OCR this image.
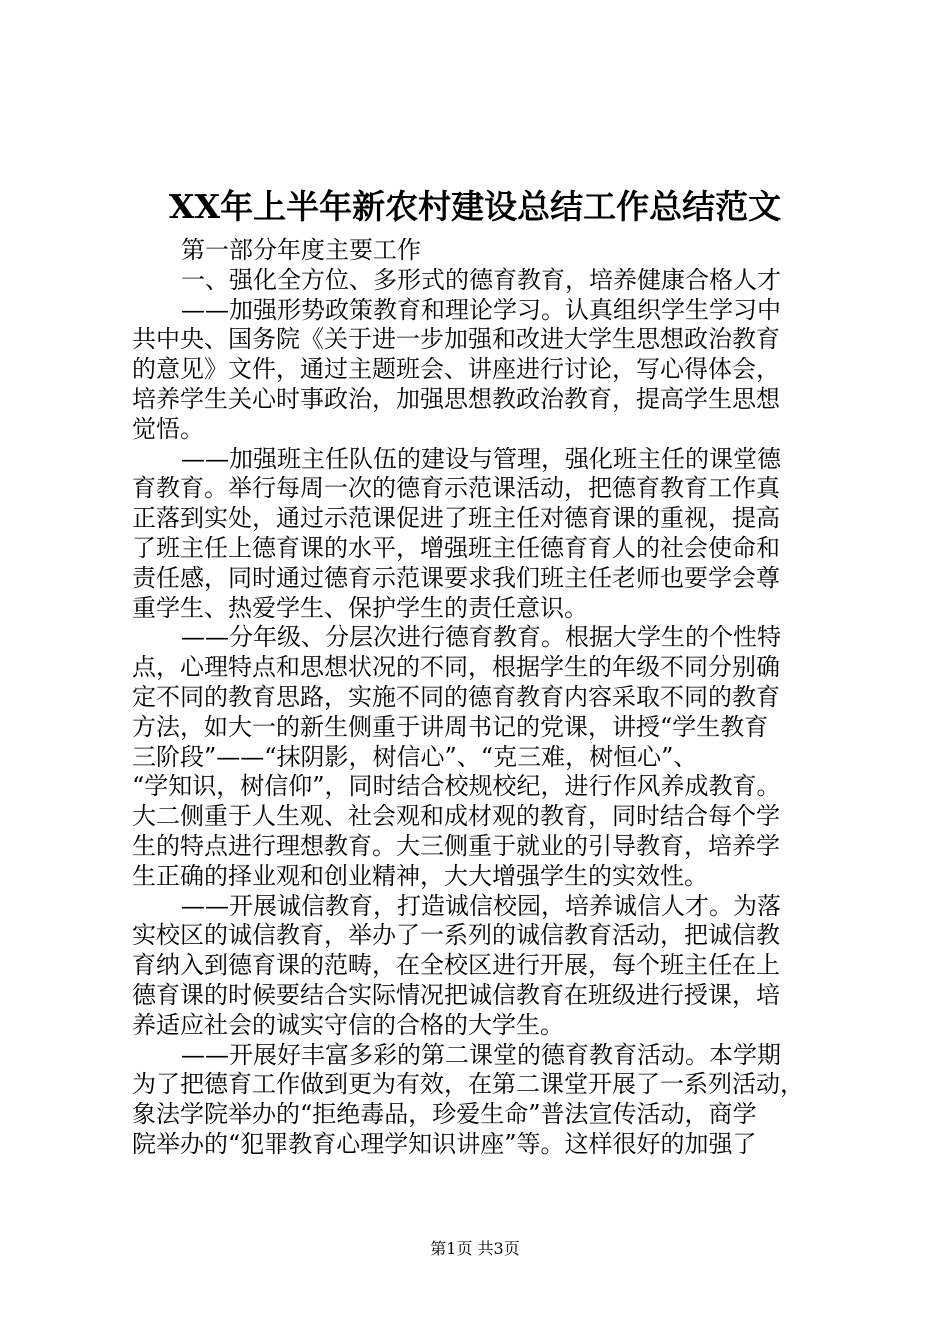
XX年上半年新农村建设总结工作总结范文
第一部分年度主要工作
一、强化全方位、多形式的德育教育，培养健康合格人才
——加强形势政策教育和理论学习。认真组织学生学习中
共中央、国务院《关于进一步加强和改进大学生思想政治教育
的意见》文件，通过主题班会、讲座进行讨论，写心得体会，
培养学生关心时事政治，加强思想教政治教育，提高学生思想
觉悟。
——加强班主任队伍的建设与管理，强化班主任的课堂德
育教育。举行每周一次的德育示范课活动，把德育教育工作真
正落到实处，通过示范课促进了班主任对德育课的重视，提高
了班主任上德育课的水平，增强班主任德育育人的社会使命和
责任感，同时通过德育示范课要求我们班主任老师也要学会尊
重学生、热爱学生、保护学生的责任意识。
——分年级、分层次进行德育教育。根据大学生的个性特
点，心理特点和思想状况的不同，根据学生的年级不同分别确
定不同的教育思路，实施不同的德育教育内容采取不同的教育
方法，如大一的新生侧重于讲周书记的党课，讲授“学生教育
三阶段”——“抹阴影，树信心”、“克三难，树恒心”、
“学知识，树信仰”，同时结合校规校纪，进行作风养成教育。
大二侧重于人生观、社会观和成材观的教育，同时结合每个学
生的特点进行理想教育。大三侧重于就业的引导教育，培养学
生正确的择业观和创业精神，大大增强学生的实效性。
——开展诚信教育，打造诚信校园，培养诚信人才。为落
实校区的诚信教育，举办了一系列的诚信教育活动，把诚信教
育纳入到德育课的范畴，在全校区进行开展，每个班主任在上
德育课的时候要结合实际情况把诚信教育在班级进行授课，培
养适应社会的诚实守信的合格的大学生。
——开展好丰富多彩的第二课堂的德育教育活动。本学期
为了把德育工作做到更为有效，在第二课堂开展了一系列活动，
象法学院举办的“拒绝毒品，珍爱生命”普法宣传活动，商学
院举办的“犯罪教育心理学知识讲座”等。这样很好的加强了
第1页 共3页
